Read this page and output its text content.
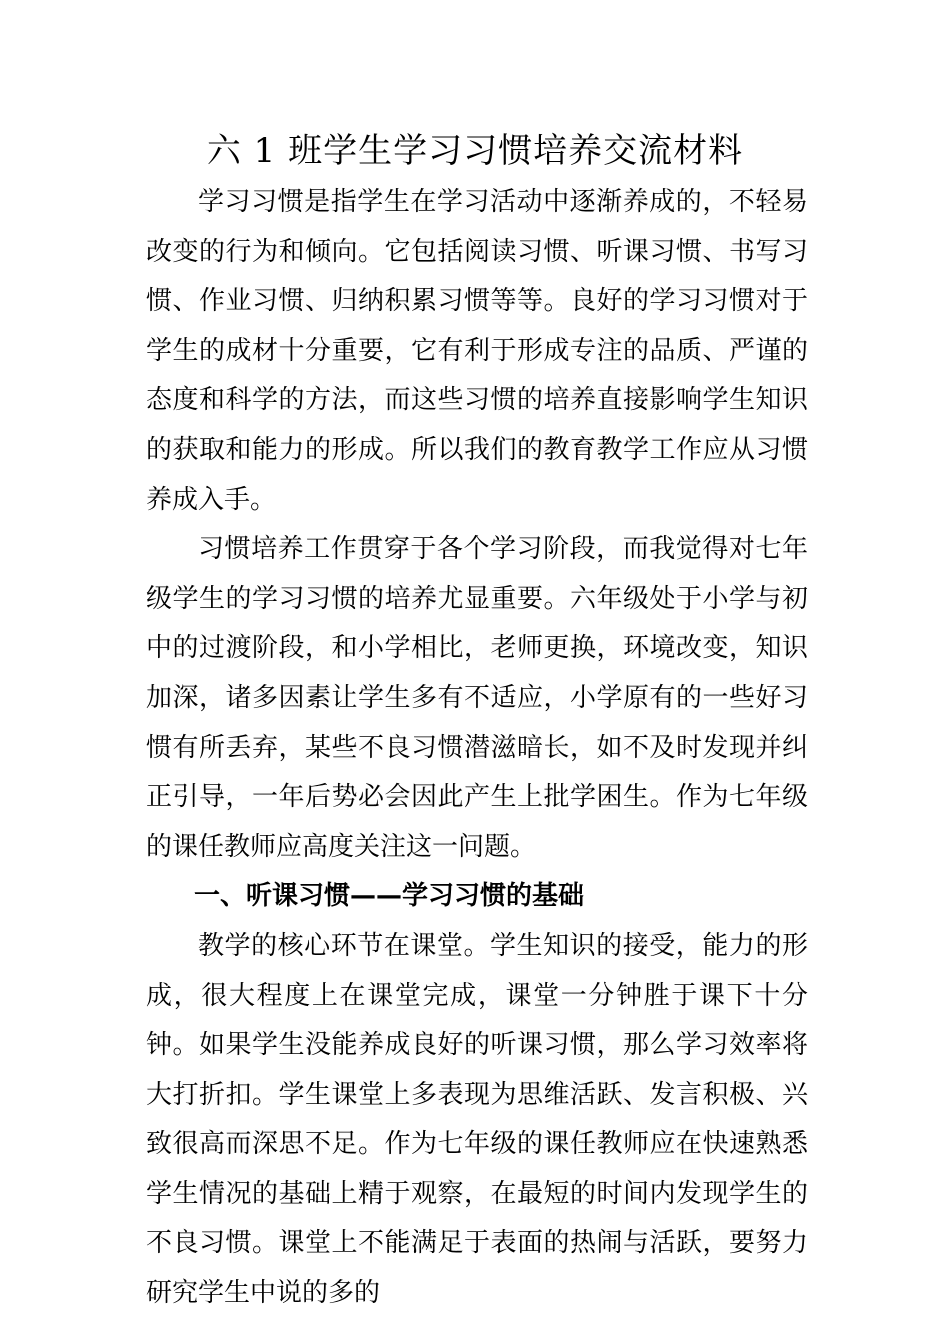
六 1 班学生学习习惯培养交流材料

学习习惯是指学生在学习活动中逐渐养成的，不轻易改变的行为和倾向。它包括阅读习惯、听课习惯、书写习惯、作业习惯、归纳积累习惯等等。良好的学习习惯对于学生的成材十分重要，它有利于形成专注的品质、严谨的态度和科学的方法，而这些习惯的培养直接影响学生知识的获取和能力的形成。所以我们的教育教学工作应从习惯养成入手。

习惯培养工作贯穿于各个学习阶段，而我觉得对七年级学生的学习习惯的培养尤显重要。六年级处于小学与初中的过渡阶段，和小学相比，老师更换，环境改变，知识加深，诸多因素让学生多有不适应，小学原有的一些好习惯有所丢弃，某些不良习惯潜滋暗长，如不及时发现并纠正引导，一年后势必会因此产生上批学困生。作为七年级的课任教师应高度关注这一问题。

一、听课习惯——学习习惯的基础

教学的核心环节在课堂。学生知识的接受，能力的形成，很大程度上在课堂完成，课堂一分钟胜于课下十分钟。如果学生没能养成良好的听课习惯，那么学习效率将大打折扣。学生课堂上多表现为思维活跃、发言积极、兴致很高而深思不足。作为七年级的课任教师应在快速熟悉学生情况的基础上精于观察，在最短的时间内发现学生的不良习惯。课堂上不能满足于表面的热闹与活跃，要努力研究学生中说的多的
